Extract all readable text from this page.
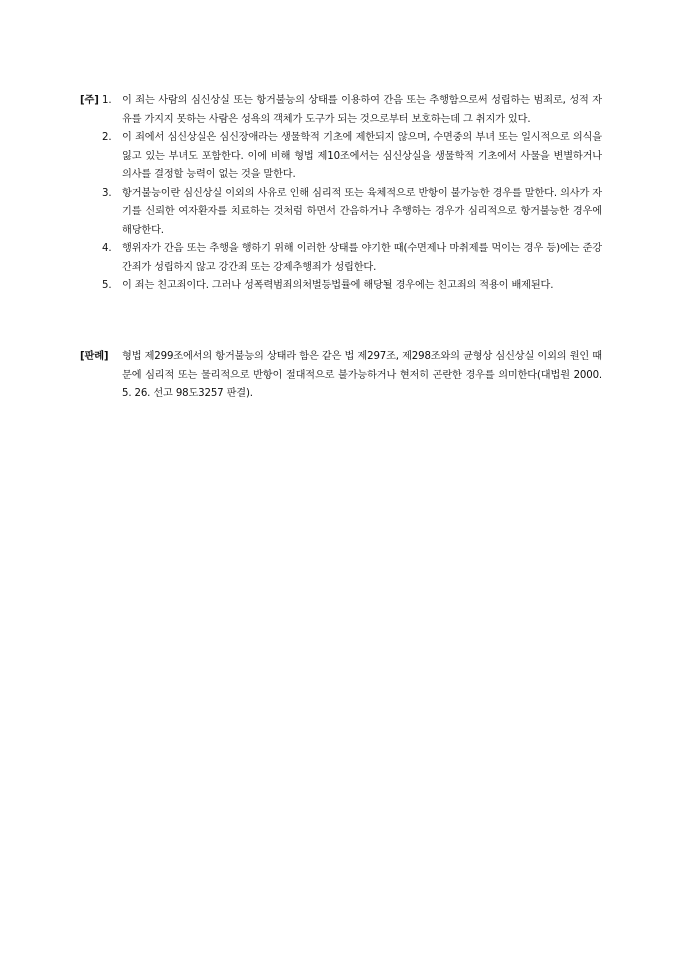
[주] 1. 이 죄는 사람의 심신상실 또는 항거불능의 상태를 이용하여 간음 또는 추행함으로써 성립하는 범죄로, 성적 자유를 가지지 못하는 사람은 성욕의 객체가 도구가 되는 것으로부터 보호하는데 그 취지가 있다.
2. 이 죄에서 심신상실은 심신장애라는 생물학적 기초에 제한되지 않으며, 수면중의 부녀 또는 일시적으로 의식을 잃고 있는 부녀도 포함한다. 이에 비해 형법 제10조에서는 심신상실을 생물학적 기초에서 사물을 변별하거나 의사를 결정할 능력이 없는 것을 말한다.
3. 항거불능이란 심신상실 이외의 사유로 인해 심리적 또는 육체적으로 반항이 불가능한 경우를 말한다. 의사가 자기를 신뢰한 여자환자를 치료하는 것처럼 하면서 간음하거나 추행하는 경우가 심리적으로 항거불능한 경우에 해당한다.
4. 행위자가 간음 또는 추행을 행하기 위해 이러한 상태를 야기한 때(수면제나 마취제를 먹이는 경우 등)에는 준강간죄가 성립하지 않고 강간죄 또는 강제추행죄가 성립한다.
5. 이 죄는 친고죄이다. 그러나 성폭력범죄의처벌등법률에 해당될 경우에는 친고죄의 적용이 배제된다.
[판례] 형법 제299조에서의 항거불능의 상태라 함은 같은 법 제297조, 제298조와의 균형상 심신상실 이외의 원인 때문에 심리적 또는 물리적으로 반항이 절대적으로 불가능하거나 현저히 곤란한 경우를 의미한다(대법원 2000. 5. 26. 선고 98도3257 판결).
